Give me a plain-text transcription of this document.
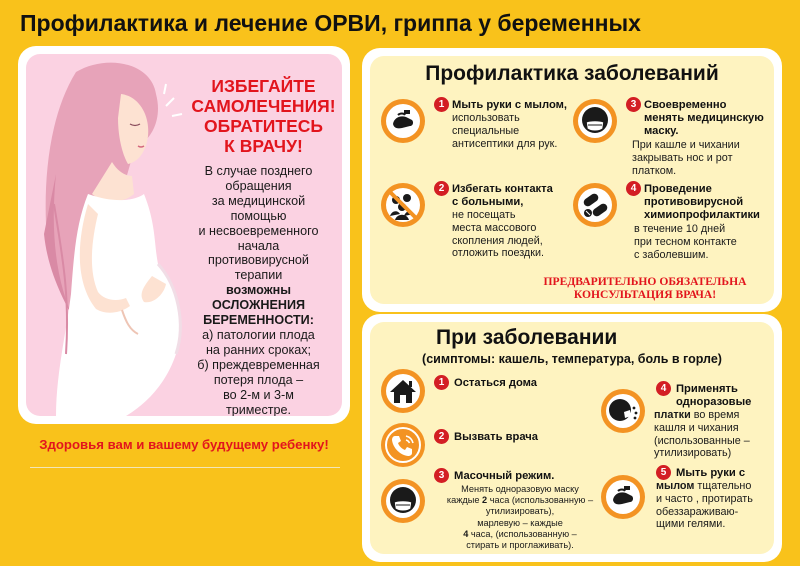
Профилактика и лечение ОРВИ, гриппа у беременных
ИЗБЕГАЙТЕ
САМОЛЕЧЕНИЯ!
ОБРАТИТЕСЬ
К ВРАЧУ!
В случае позднего
обращения
за медицинской
помощью
и несвоевременного
начала
противовирусной
терапии
возможны
ОСЛОЖНЕНИЯ
БЕРЕМЕННОСТИ:
а) патологии плода
на ранних сроках;
б) преждевременная
потеря плода –
во 2-м и 3-м
триместре.
Здоровья вам и вашему будущему ребенку!
Профилактика заболеваний
1 Мыть руки с мылом,
использовать
специальные
антисептики для рук.
2 Избегать контакта
с больными,
не посещать
места массового
скопления людей,
отложить поездки.
3 Своевременно
менять медицинскую
маску.
При кашле и чихании
закрывать нос и рот
платком.
4 Проведение
противовирусной
химиопрофилактики
в течение 10 дней
при тесном контакте
с заболевшим.
ПРЕДВАРИТЕЛЬНО ОБЯЗАТЕЛЬНА
КОНСУЛЬТАЦИЯ ВРАЧА!
При заболевании
(симптомы: кашель, температура, боль в горле)
1 Остаться дома
2 Вызвать врача
3 Масочный режим.
Менять одноразовую маску
каждые 2 часа (использованную –
утилизировать),
марлевую – каждые
4 часа, (использованную –
стирать и проглаживать).
4 Применять
одноразовые
платки во время
кашля и чихания
(использованные –
утилизировать)
5 Мыть руки с
мылом тщательно
и часто , протирать
обеззараживаю-
щими гелями.
